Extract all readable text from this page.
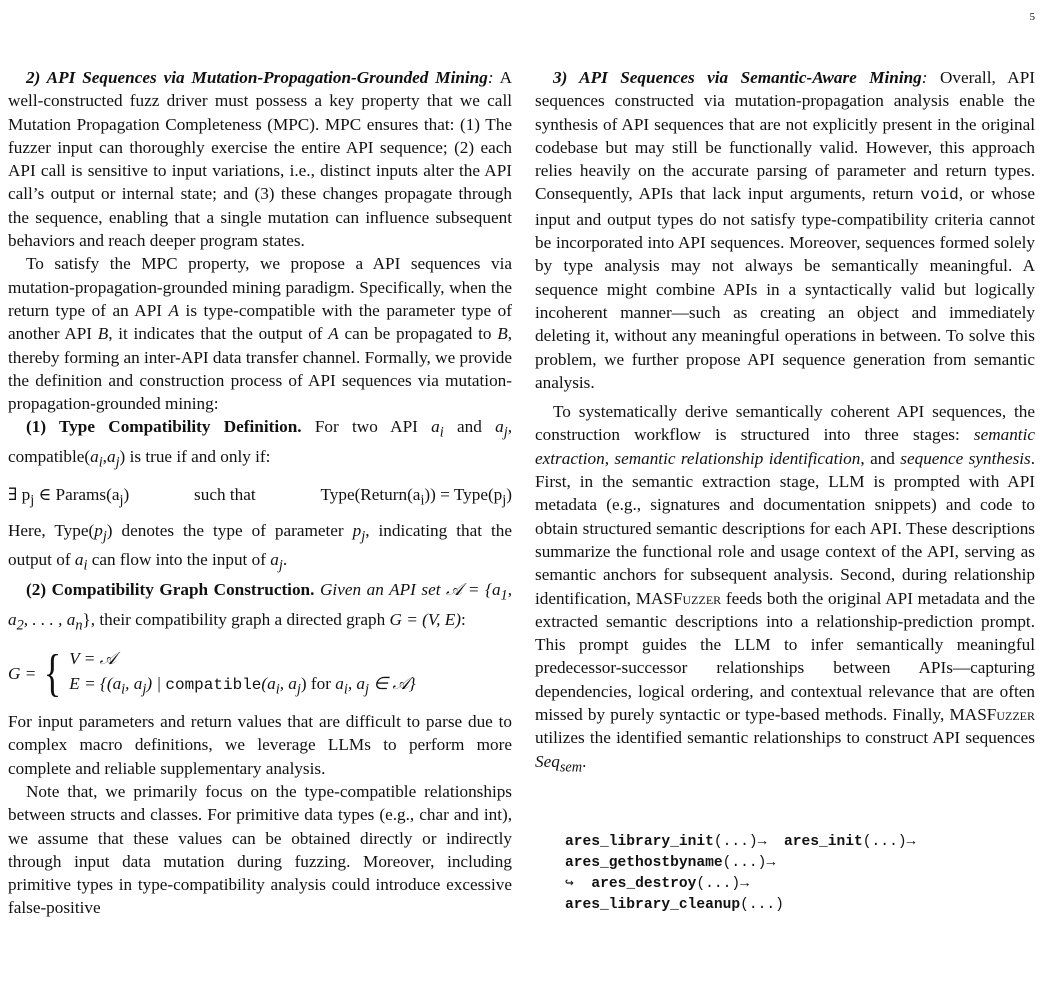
5

2) API Sequences via Mutation-Propagation-Grounded Mining: A well-constructed fuzz driver must possess a key property that we call Mutation Propagation Completeness (MPC). MPC ensures that: (1) The fuzzer input can thoroughly exercise the entire API sequence; (2) each API call is sensitive to input variations, i.e., distinct inputs alter the API call’s output or internal state; and (3) these changes propagate through the sequence, enabling that a single mutation can influence subsequent behaviors and reach deeper program states.

To satisfy the MPC property, we propose a API sequences via mutation-propagation-grounded mining paradigm. Specifically, when the return type of an API A is type-compatible with the parameter type of another API B, it indicates that the output of A can be propagated to B, thereby forming an inter-API data transfer channel. Formally, we provide the definition and construction process of API sequences via mutation-propagation-grounded mining:

(1) Type Compatibility Definition. For two API $a_i$ and $a_j$, $compatible(a_i,a_j)$ is true if and only if:

∃ $p_j$ ∈ $Params(a_j)$	such that	$Type(Return(a_i))$ = $Type(p_j)$

Here, $Type(p_j)$ denotes the type of parameter $p_j$, indicating that the output of $a_i$ can flow into the input of $a_j$.

(2) Compatibility Graph Construction. Given an API set 𝒜 = {$a_1$, $a_2$, . . . , $a_n$}, their compatibility graph a directed graph G = (V, E):

G = { V = 𝒜
$E = \{(a_i$, $a_j$) | $compatible(a_i$, $a_j$) for $a_i$, $a_j$ ∈ 𝒜}

For input parameters and return values that are difficult to parse due to complex macro definitions, we leverage LLMs to perform more complete and reliable supplementary analysis.

Note that, we primarily focus on the type-compatible relationships between structs and classes. For primitive data types (e.g., char and int), we assume that these values can be obtained directly or indirectly through input data mutation during fuzzing. Moreover, including primitive types in type-compatibility analysis could introduce excessive false-positive

3) API Sequences via Semantic-Aware Mining: Overall, API sequences constructed via mutation-propagation analysis enable the synthesis of API sequences that are not explicitly present in the original codebase but may still be functionally valid. However, this approach relies heavily on the accurate parsing of parameter and return types. Consequently, APIs that lack input arguments, return void, or whose input and output types do not satisfy type-compatibility criteria cannot be incorporated into API sequences. Moreover, sequences formed solely by type analysis may not always be semantically meaningful. A sequence might combine APIs in a syntactically valid but logically incoherent manner—such as creating an object and immediately deleting it, without any meaningful operations in between. To solve this problem, we further propose API sequence generation from semantic analysis.

To systematically derive semantically coherent API sequences, the construction workflow is structured into three stages: semantic extraction, semantic relationship identification, and sequence synthesis. First, in the semantic extraction stage, LLM is prompted with API metadata (e.g., signatures and documentation snippets) and code to obtain structured semantic descriptions for each API. These descriptions summarize the functional role and usage context of the API, serving as semantic anchors for subsequent analysis. Second, during relationship identification, MASFuzzer feeds both the original API metadata and the extracted semantic descriptions into a relationship-prediction prompt. This prompt guides the LLM to infer semantically meaningful predecessor-successor relationships between APIs—capturing dependencies, logical ordering, and contextual relevance that are often missed by purely syntactic or type-based methods. Finally, MASFuzzer utilizes the identified semantic relationships to construct API sequences Seq$_{sem}$.

ares_library_init(...)→ ares_init(...)→
ares_gethostbyname(...)→
↪ ares_destroy(...)→
ares_library_cleanup(...)
